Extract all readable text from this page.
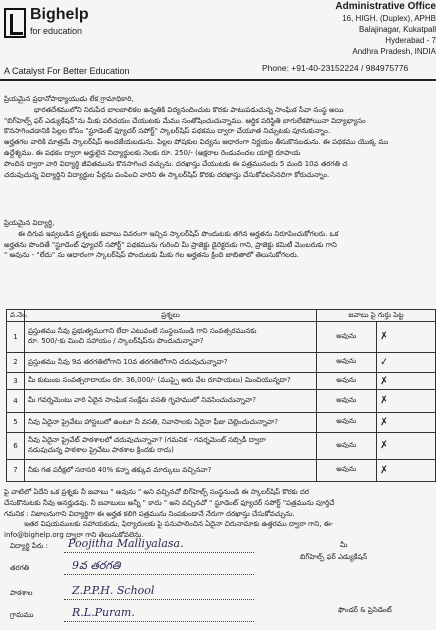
Bighelp
for education
A Catalyst For Better Education
Administrative Office
16, HIGH. (Duplex), APHB
Balajinagar, Kukatpall
Hyderabad - 7
Andhra Pradesh, INDIA
Phone: +91-40-23152224 / 984975776
ప్రియమైన ప్రధానోపాధ్యాయుడు లేక గ్రామాధికారి,
భారతదేశములోని నిరుపేద బాలబాలికల ఉన్నతికి విద్యనందించుట కొరకు పాటుపడుచున్న సాంఘిక సేవా సంస్థ అయి
"బిగ్‌హెల్ప్ ఫర్ ఎడ్యుకేషన్"ను మీకు పరిచయం చేయుటకు మేము సంతోషించుచున్నాము. ఆర్థిక పరిస్థితి బాగులేకపోయినా విద్యాభ్యాసం
కొనసాగించడానికి పిల్లల కోసం "స్టూడెంట్ ఫ్యూచర్ సపోర్ట్" స్కాలర్‌షిప్ పథకము ద్వారా చేయూత నిచ్చుటకు పూనుకున్నాం.
అర్హతగల వారికి మాత్రమే స్కాలర్‌షిప్ అందజేయబడును. పిల్లల పోషకుల విద్యను ఆధారంగా నిర్ణయం తీసుకొనబడును. ఈ పథకము యొక్క ము
ఉద్దేశ్యము. ఈ పథకం ద్వారా అర్హులైన విద్యార్థులకు నెలకు రూ. 250/- (అక్షరాల రెండువందల యాభై రూపాయ
పొందిన ద్వారా వారి విద్యార్థి జీవితమును కొనసాగించ వచ్చును. దరఖాస్తు చేయుటకు ఈ పత్రమునందు 5 మంది 10వ తరగతి చ
చదువుచున్న విద్యార్థిని విద్యార్థుల పేర్లను పంపించి వారిని ఈ స్కాలర్‌షిప్ కొరకు దరఖాస్తు చేసుకోవలసినదిగా కోరుచున్నాం.
ప్రియమైన విద్యార్థి,
ఈ దిగువ ఇవ్వబడిన ప్రశ్నలకు జవాబు వివరంగా ఇచ్చిన స్కాలర్‌షిప్ పొందుటకు తగిన అర్హతను నిరూపించుకోగలరు. ఒక
అర్హతను పొందితే "స్టూడెంట్ ఫ్యూచర్ సపోర్ట్" పథకమును గురించి మీ ప్రాజెక్టు డైరెక్టరుకు గాని, ప్రాజెక్టు కమిటీ మెంబరుకు గాని
" అవును - "లేదు" ను ఆధారంగా స్కాలర్‌షిప్ పొందుటకు మీకు గల అర్హతను క్రింది జాబితాలో తెలుసుకోగలరు.
వ.నెం.	ప్రశ్నలు	జవాబు పై గుర్తు పెట్ట	
1	ప్రస్తుతము నీవు ప్రభుత్వముగాని లేదా ఎటువంటి సంస్థలనుండి గాని సంవత్సరమునకు
రూ. 500/-కు మించి సహాయం / స్కాలర్‌షిప్‌ను పొందుచున్నావా?	అవును	✗
2	ప్రస్తుతము నీవు 9వ తరగతిలోగాని 10వ తరగతిలోగాని చదువుచున్నావా?	అవును	✓
3	మీ కుటుంబ సంవత్సరాదాయం రూ. 36,000/- (ముప్పై ఆరు వేల రూపాయలు) మించియున్నదా?	అవును	✗
4	మీ గవర్నమెంటు వారి ఏదైన సాంఘిక సంక్షేమ వసతి గృహములో నివసించుచున్నావా?	అవును	✗
5	నీవు ఏదైనా ప్రైవేటు హాస్టలులో ఉంటూ నీ వసతి, నివాసాలకు ఏదైనా ఫీజు చెల్లించుచున్నావా?	అవును	✗
6	నీవు ఏదైనా ప్రైవేట్ పాఠశాలలో చదువుచున్నావా? (గమనిక - గవర్నమెంట్ సబ్సిడీ ద్వారా
నడుపుచున్న పాఠశాల ప్రైవేటు పాఠశాల క్రిందకు రాదు)	అవును	✗
7	నీకు గత పరీక్షలో సరాసరి 40% కన్నా తక్కువ మార్కులు వచ్చినవా?	అవును	✗
పై వాటిలో ఏదేని ఒక ప్రశ్నకు నీ జవాబు " అవును " అని వచ్చినచో బిగ్‌హెల్ప్ సంస్థనుండి ఈ స్కాలర్‌షిప్ కొరకు దర
చేసుకొనుటకు నీవు అనర్హుడవు. నీ జవాబులు అన్నీ " కాదు " అని వచ్చినచో " స్టూడెంట్ ఫ్యూచర్ సపోర్ట్ "పత్రమును పూర్తిచే
గమనిక : నిజాలనుగాని విద్యార్థిగా ఈ అర్హత కలిగి పత్రమును నింపకుండానే నేరుగా దరఖాస్తు చేసుకోవచ్చును.
ఇతర విషయములకు సహాయకుడు, ఫిర్యాదులకు పై పనుపాలించిన ఏదైనా చిరునామాకు ఉత్తరము ద్వారా గాని, ఈ-
info@bighelp.org ద్వారా గాని తెలుసుకోవలెను.
విద్యార్థి పేరు : Poojitha Malliyalasa.
తరగతి	9వ తరగతి
పాఠశాల	Z.P.P.H. School
గ్రామము	R.L.Puram.
మీ
బిగ్‌హెల్ప్ ఫర్ ఎడ్యుకేషన్
ఫౌండర్ & ప్రెసిడెంట్
